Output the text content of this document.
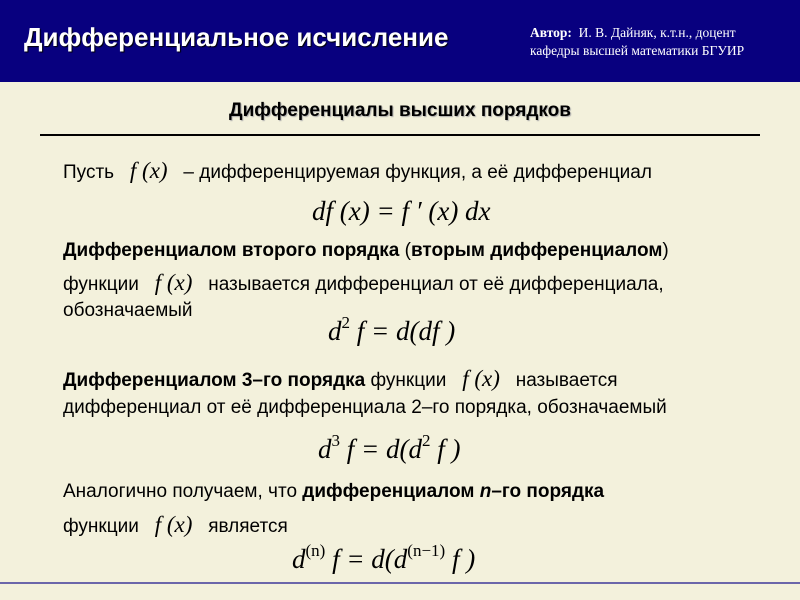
Дифференциальное исчисление	Автор: И. В. Дайняк, к.т.н., доцент
кафедры высшей математики БГУИР
Дифференциалы высших порядков
Пусть f (x) – дифференцируемая функция, а её дифференциал
df (x) = f ′ (x) dx
Дифференциалом второго порядка (вторым дифференциалом)
функции f (x) называется дифференциал от её дифференциала,
обозначаемый
$d^2$ f = d(df )
Дифференциалом 3–го порядка функции f (x) называется
дифференциал от её дифференциала 2–го порядка, обозначаемый
$d^3$ $f = d(d^2$ f )
Аналогично получаем, что дифференциалом n–го порядка
функции f (x) является
$d^{(n)}$ $f = d(d^{(n-1)}$ f )
